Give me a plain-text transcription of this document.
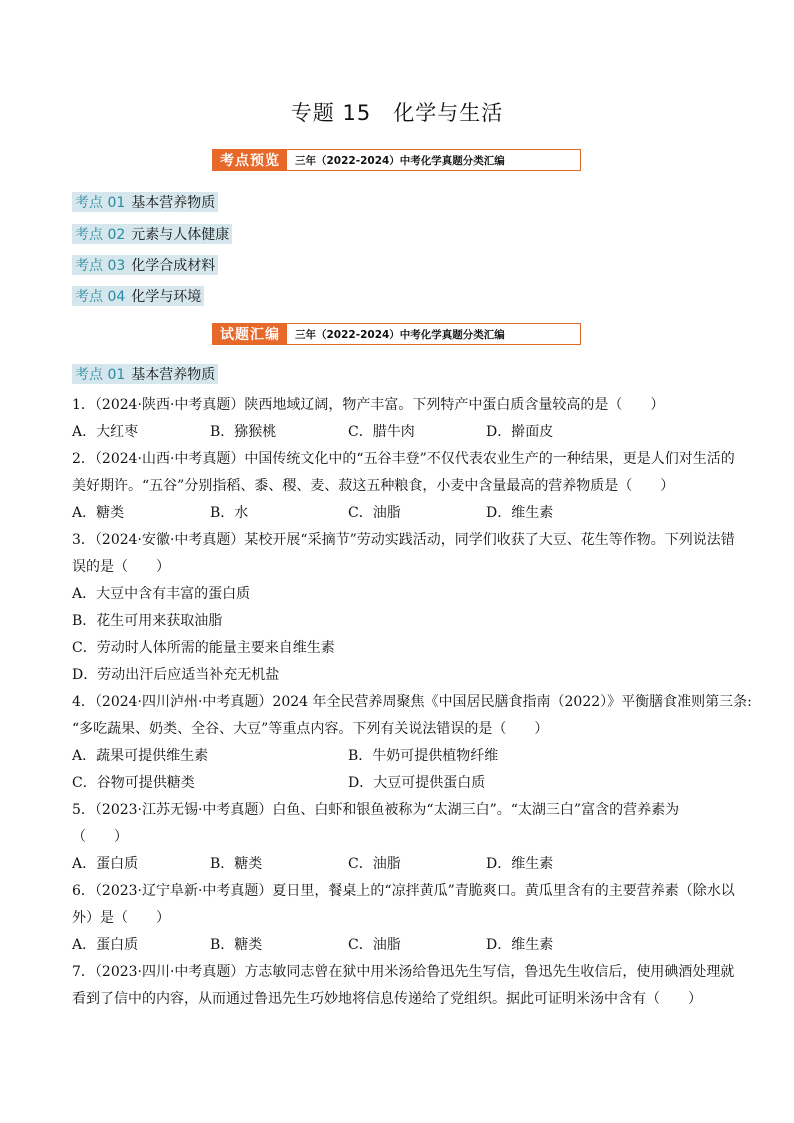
专题 15　化学与生活
考点预览	三年（2022-2024）中考化学真题分类汇编
考点 01 基本营养物质
考点 02 元素与人体健康
考点 03 化学合成材料
考点 04 化学与环境
试题汇编	三年（2022-2024）中考化学真题分类汇编
考点 01 基本营养物质
1．（2024·陕西·中考真题）陕西地域辽阔，物产丰富。下列特产中蛋白质含量较高的是（　　）
A．大红枣	B．猕猴桃	C．腊牛肉	D．擀面皮
2．（2024·山西·中考真题）中国传统文化中的“五谷丰登”不仅代表农业生产的一种结果，更是人们对生活的
美好期许。“五谷”分别指稻、黍、稷、麦、菽这五种粮食，小麦中含量最高的营养物质是（　　）
A．糖类	B．水	C．油脂	D．维生素
3．（2024·安徽·中考真题）某校开展“采摘节”劳动实践活动，同学们收获了大豆、花生等作物。下列说法错
误的是（　　）
A．大豆中含有丰富的蛋白质
B．花生可用来获取油脂
C．劳动时人体所需的能量主要来自维生素
D．劳动出汗后应适当补充无机盐
4．（2024·四川泸州·中考真题）2024 年全民营养周聚焦《中国居民膳食指南（2022）》平衡膳食准则第三条:
“多吃蔬果、奶类、全谷、大豆”等重点内容。下列有关说法错误的是（　　）
A．蔬果可提供维生素	B．牛奶可提供植物纤维
C．谷物可提供糖类	D．大豆可提供蛋白质
5．（2023·江苏无锡·中考真题）白鱼、白虾和银鱼被称为“太湖三白”。“太湖三白”富含的营养素为
（　　）
A．蛋白质	B．糖类	C．油脂	D．维生素
6．（2023·辽宁阜新·中考真题）夏日里，餐桌上的“凉拌黄瓜”青脆爽口。黄瓜里含有的主要营养素（除水以
外）是（　　）
A．蛋白质	B．糖类	C．油脂	D．维生素
7．（2023·四川·中考真题）方志敏同志曾在狱中用米汤给鲁迅先生写信，鲁迅先生收信后，使用碘酒处理就
看到了信中的内容，从而通过鲁迅先生巧妙地将信息传递给了党组织。据此可证明米汤中含有（　　）
